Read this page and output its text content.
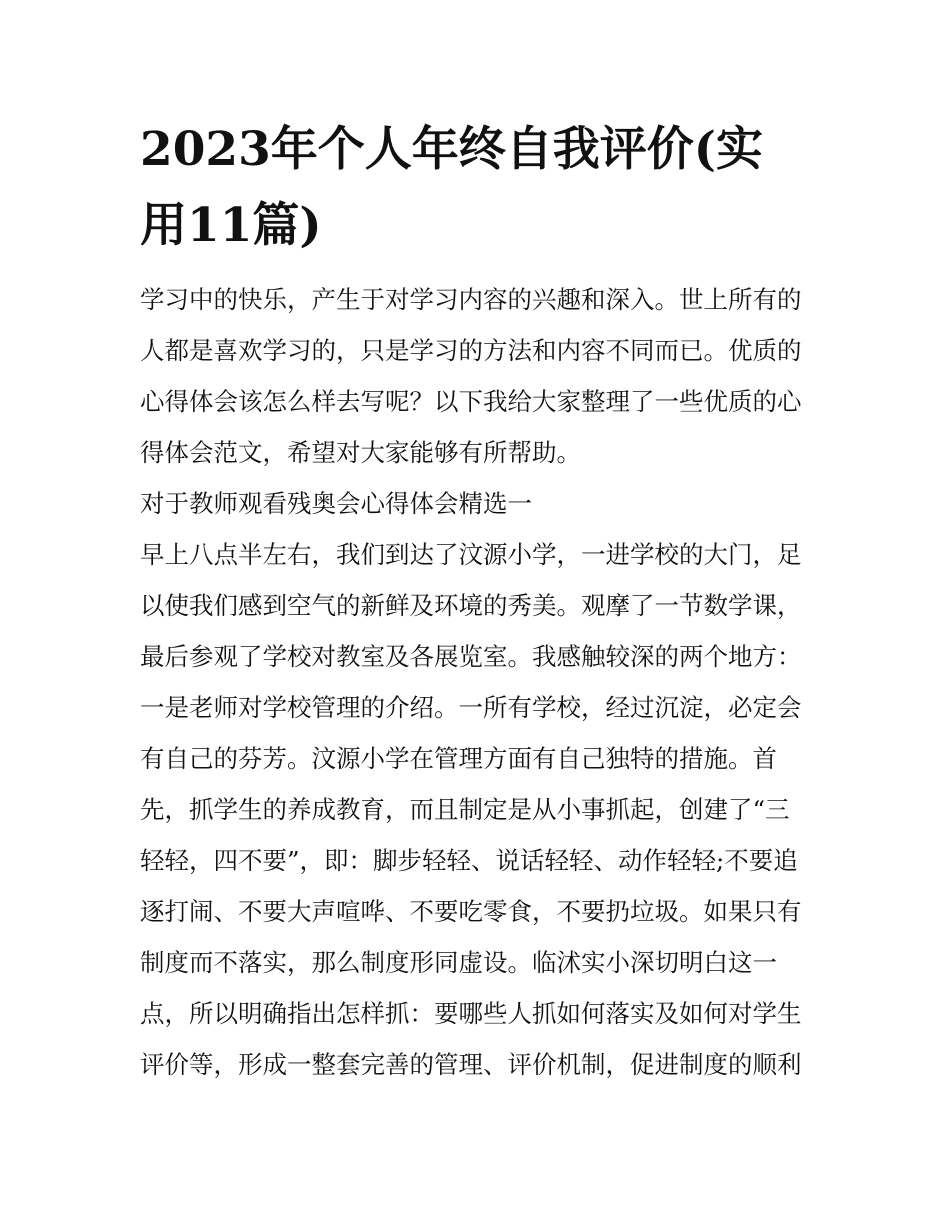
2023年个人年终自我评价(实
用11篇)
学习中的快乐，产生于对学习内容的兴趣和深入。世上所有的
人都是喜欢学习的，只是学习的方法和内容不同而已。优质的
心得体会该怎么样去写呢？以下我给大家整理了一些优质的心
得体会范文，希望对大家能够有所帮助。
对于教师观看残奥会心得体会精选一
早上八点半左右，我们到达了汶源小学，一进学校的大门，足
以使我们感到空气的新鲜及环境的秀美。观摩了一节数学课，
最后参观了学校对教室及各展览室。我感触较深的两个地方：
一是老师对学校管理的介绍。一所有学校，经过沉淀，必定会
有自己的芬芳。汶源小学在管理方面有自己独特的措施。首
先，抓学生的养成教育，而且制定是从小事抓起，创建了“三
轻轻，四不要”，即：脚步轻轻、说话轻轻、动作轻轻;不要追
逐打闹、不要大声喧哗、不要吃零食，不要扔垃圾。如果只有
制度而不落实，那么制度形同虚设。临沭实小深切明白这一
点，所以明确指出怎样抓：要哪些人抓如何落实及如何对学生
评价等，形成一整套完善的管理、评价机制，促进制度的顺利
